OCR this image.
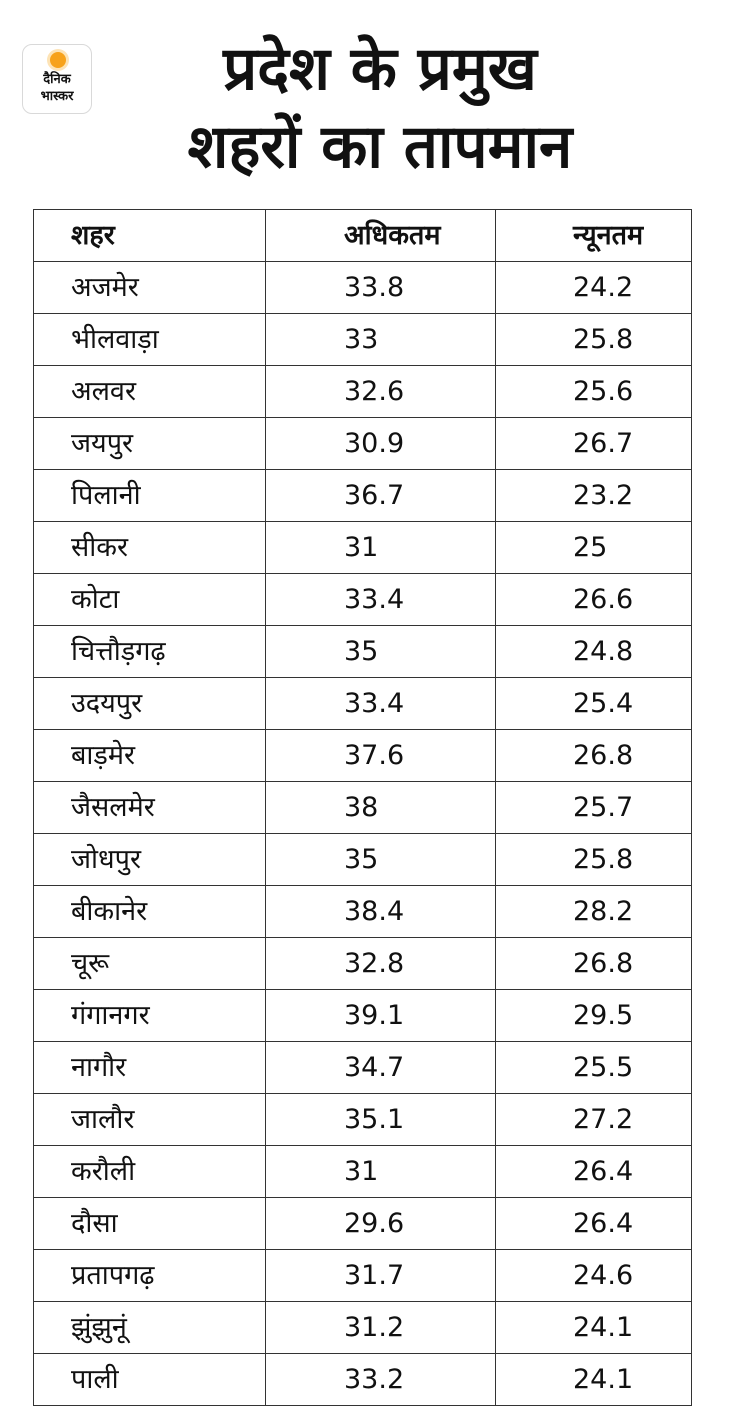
दैनिक
भास्कर	प्रदेश के प्रमुख
शहरों का तापमान
शहर	अधिकतम	न्यूनतम
अजमेर	33.8	24.2
भीलवाड़ा	33	25.8
अलवर	32.6	25.6
जयपुर	30.9	26.7
पिलानी	36.7	23.2
सीकर	31	25
कोटा	33.4	26.6
चित्तौड़गढ़	35	24.8
उदयपुर	33.4	25.4
बाड़मेर	37.6	26.8
जैसलमेर	38	25.7
जोधपुर	35	25.8
बीकानेर	38.4	28.2
चूरू	32.8	26.8
गंगानगर	39.1	29.5
नागौर	34.7	25.5
जालौर	35.1	27.2
करौली	31	26.4
दौसा	29.6	26.4
प्रतापगढ़	31.7	24.6
झुंझुनूं	31.2	24.1
पाली	33.2	24.1
